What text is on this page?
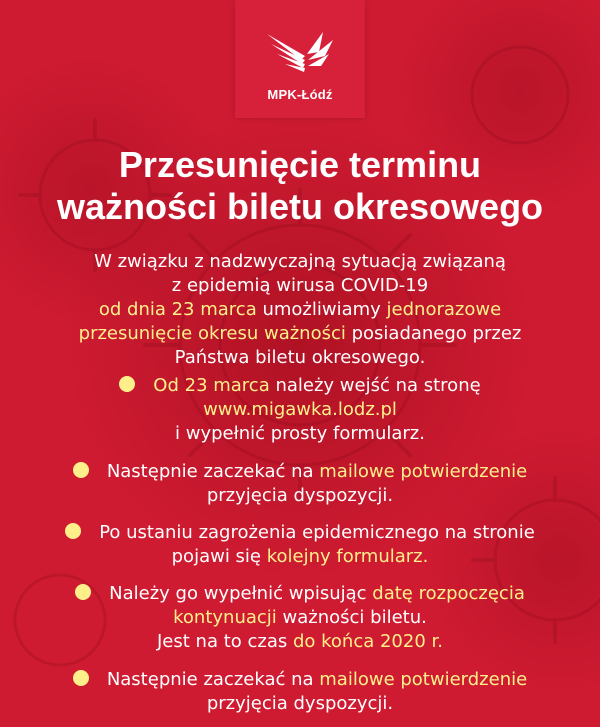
MPK-Łódź
Przesunięcie terminu
ważności biletu okresowego
W związku z nadzwyczajną sytuacją związaną
z epidemią wirusa COVID-19
od dnia 23 marca umożliwiamy jednorazowe
przesunięcie okresu ważności posiadanego przez
Państwa biletu okresowego.
Od 23 marca należy wejść na stronę
www.migawka.lodz.pl
i wypełnić prosty formularz.
Następnie zaczekać na mailowe potwierdzenie
przyjęcia dyspozycji.
Po ustaniu zagrożenia epidemicznego na stronie
pojawi się kolejny formularz.
Należy go wypełnić wpisując datę rozpoczęcia
kontynuacji ważności biletu.
Jest na to czas do końca 2020 r.
Następnie zaczekać na mailowe potwierdzenie
przyjęcia dyspozycji.
